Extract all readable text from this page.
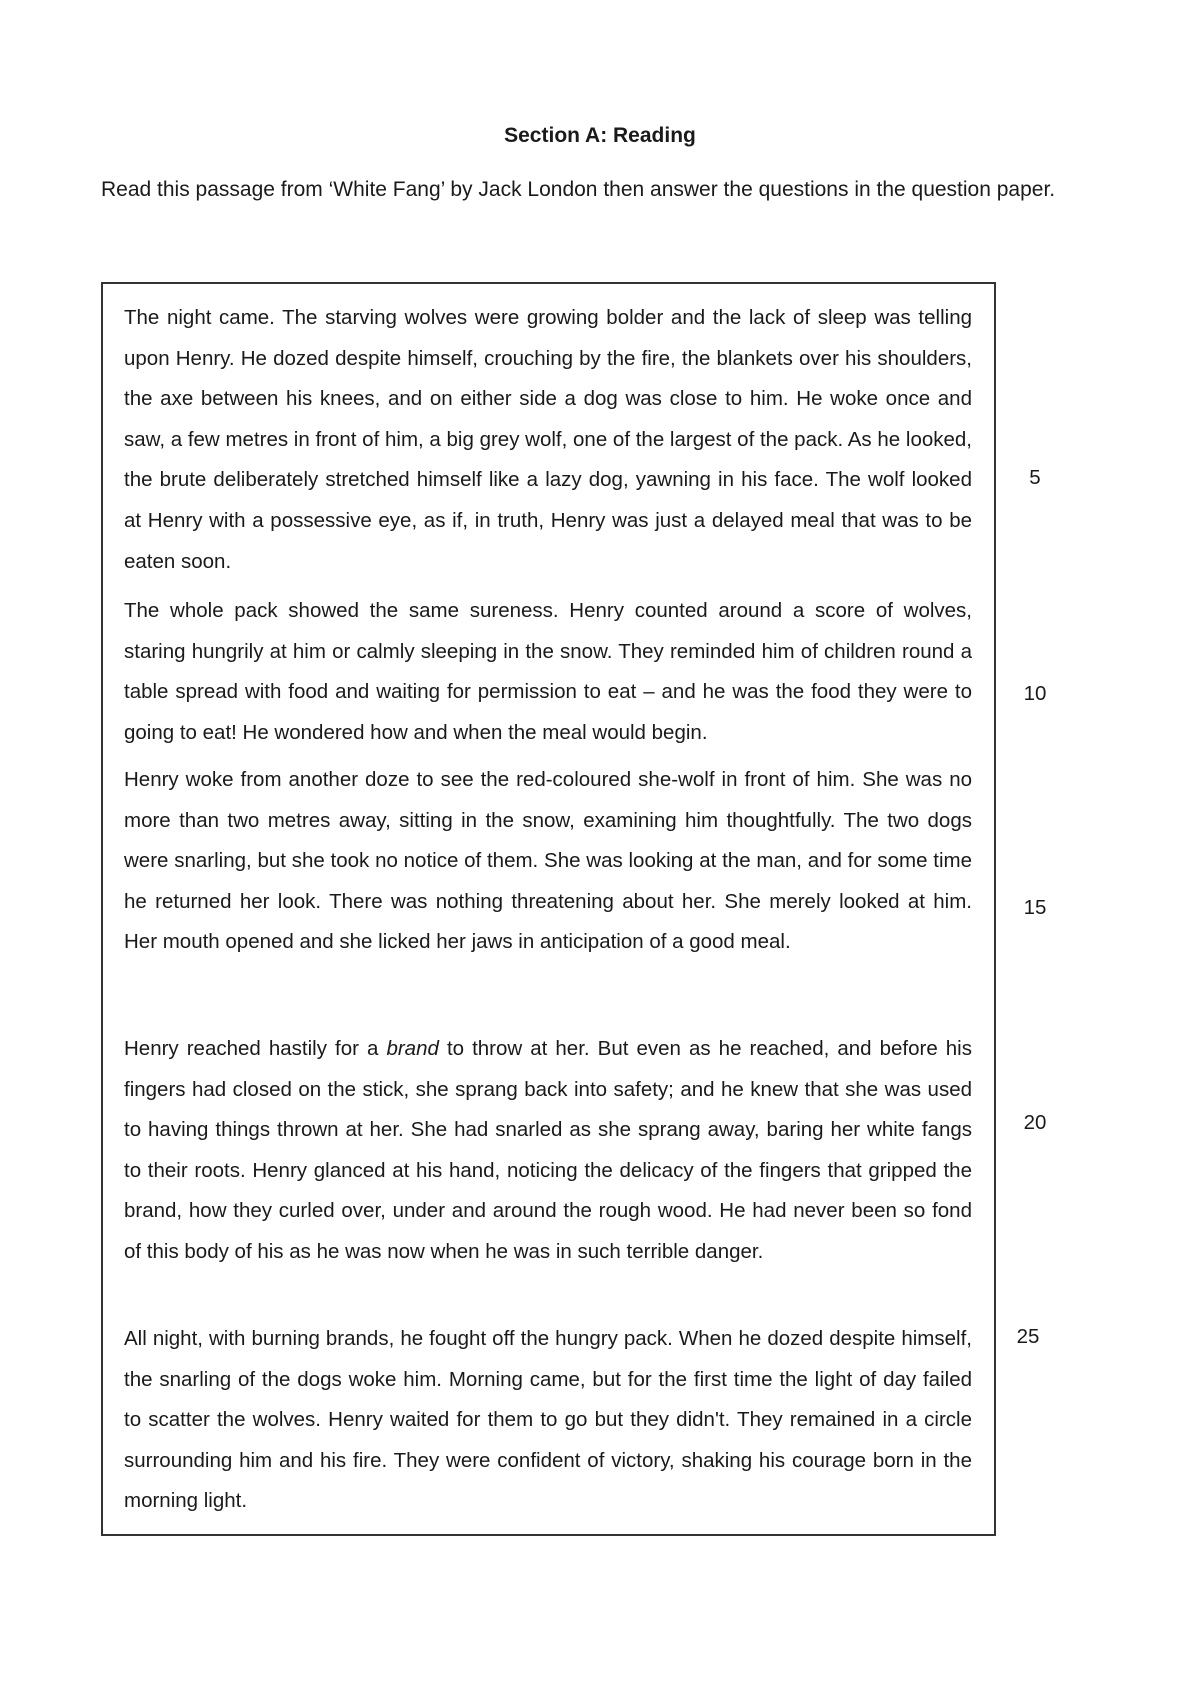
Section A: Reading

Read this passage from ‘White Fang’ by Jack London then answer the questions in the question paper.

The night came. The starving wolves were growing bolder and the lack of sleep was telling upon Henry. He dozed despite himself, crouching by the fire, the blankets over his shoulders, the axe between his knees, and on either side a dog was close to him. He woke once and saw, a few metres in front of him, a big grey wolf, one of the largest of the pack. As he looked, the brute deliberately stretched himself like a lazy dog, yawning in his face. The wolf looked at Henry with a possessive eye, as if, in truth, Henry was just a delayed meal that was to be eaten soon.

The whole pack showed the same sureness. Henry counted around a score of wolves, staring hungrily at him or calmly sleeping in the snow. They reminded him of children round a table spread with food and waiting for permission to eat – and he was the food they were to going to eat! He wondered how and when the meal would begin.

Henry woke from another doze to see the red-coloured she-wolf in front of him. She was no more than two metres away, sitting in the snow, examining him thoughtfully. The two dogs were snarling, but she took no notice of them. She was looking at the man, and for some time he returned her look. There was nothing threatening about her. She merely looked at him. Her mouth opened and she licked her jaws in anticipation of a good meal.

Henry reached hastily for a brand to throw at her. But even as he reached, and before his fingers had closed on the stick, she sprang back into safety; and he knew that she was used to having things thrown at her. She had snarled as she sprang away, baring her white fangs to their roots. Henry glanced at his hand, noticing the delicacy of the fingers that gripped the brand, how they curled over, under and around the rough wood. He had never been so fond of this body of his as he was now when he was in such terrible danger.

All night, with burning brands, he fought off the hungry pack. When he dozed despite himself, the snarling of the dogs woke him. Morning came, but for the first time the light of day failed to scatter the wolves. Henry waited for them to go but they didn't. They remained in a circle surrounding him and his fire. They were confident of victory, shaking his courage born in the morning light.

5
10
15
20
25
